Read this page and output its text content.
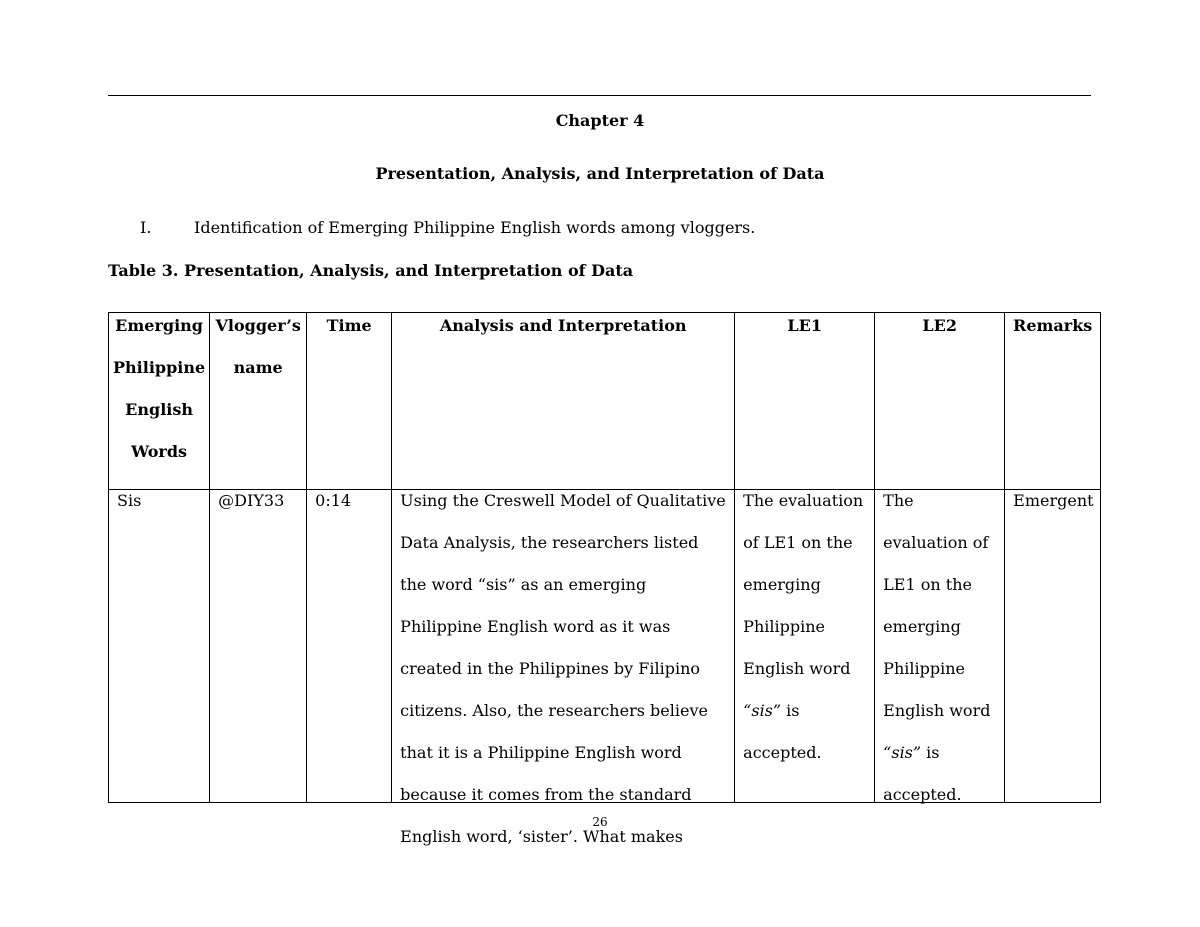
Chapter 4
Presentation, Analysis, and Interpretation of Data
I.	Identification of Emerging Philippine English words among vloggers.
Table 3. Presentation, Analysis, and Interpretation of Data
Emerging Philippine English Words	Vlogger’s name	Time	Analysis and Interpretation	LE1	LE2	Remarks

Sis	@DIY33	0:14	Using the Creswell Model of Qualitative Data Analysis, the researchers listed the word “sis” as an emerging Philippine English word as it was created in the Philippines by Filipino citizens. Also, the researchers believe that it is a Philippine English word because it comes from the standard English word, ‘sister’. What makes	The evaluation of LE1 on the emerging Philippine English word “sis” is accepted.	The evaluation of LE1 on the emerging Philippine English word “sis” is accepted.	Emergent
26
